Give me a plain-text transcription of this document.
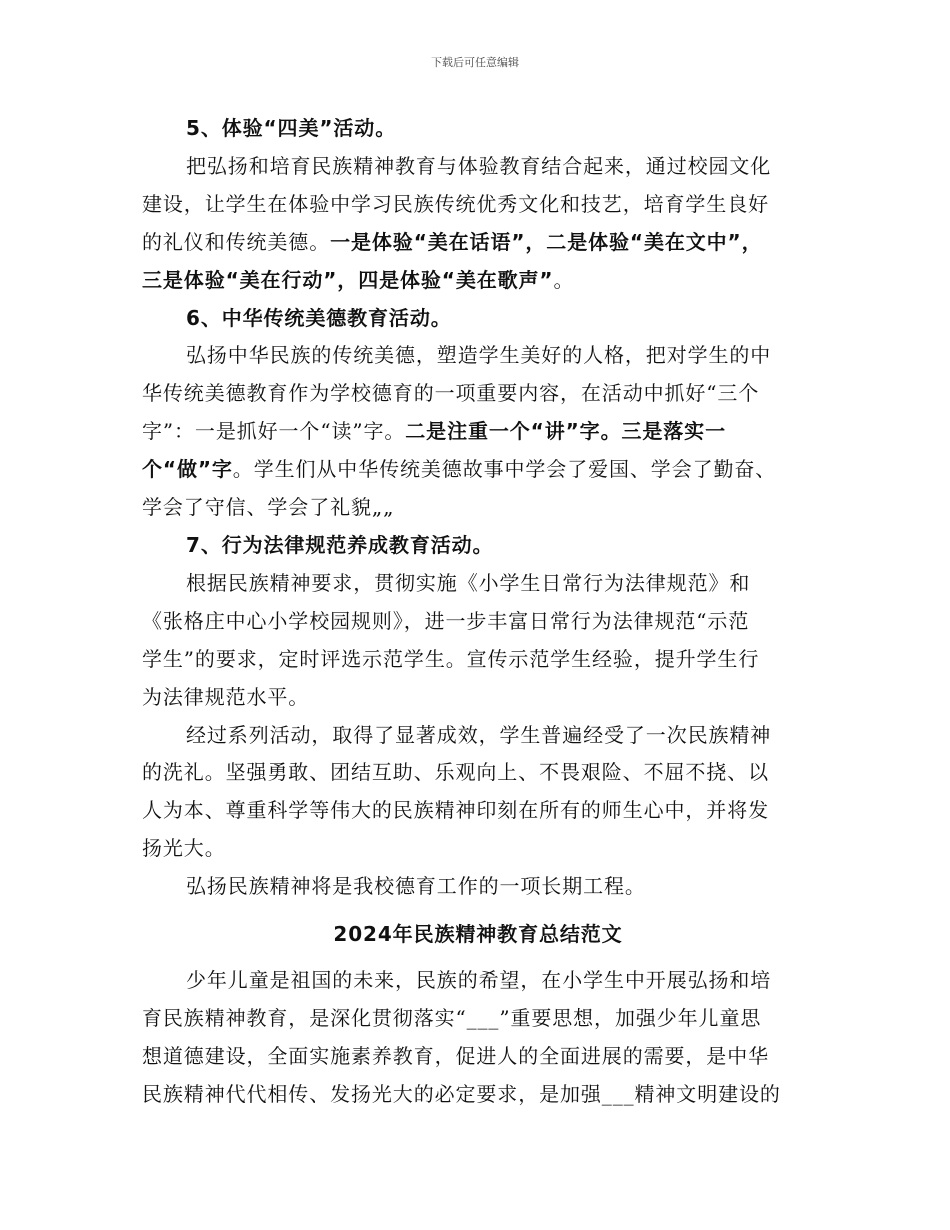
下载后可任意编辑
5、体验“四美”活动。
把弘扬和培育民族精神教育与体验教育结合起来，通过校园文化
建设，让学生在体验中学习民族传统优秀文化和技艺，培育学生良好
的礼仪和传统美德。一是体验“美在话语”，二是体验“美在文中”，
三是体验“美在行动”，四是体验“美在歌声”。
6、中华传统美德教育活动。
弘扬中华民族的传统美德，塑造学生美好的人格，把对学生的中
华传统美德教育作为学校德育的一项重要内容，在活动中抓好“三个
字”：一是抓好一个“读”字。二是注重一个“讲”字。三是落实一
个“做”字。学生们从中华传统美德故事中学会了爱国、学会了勤奋、
学会了守信、学会了礼貌„„
7、行为法律规范养成教育活动。
根据民族精神要求，贯彻实施《小学生日常行为法律规范》和
《张格庄中心小学校园规则》，进一步丰富日常行为法律规范“示范
学生”的要求，定时评选示范学生。宣传示范学生经验，提升学生行
为法律规范水平。
经过系列活动，取得了显著成效，学生普遍经受了一次民族精神
的洗礼。坚强勇敢、团结互助、乐观向上、不畏艰险、不屈不挠、以
人为本、尊重科学等伟大的民族精神印刻在所有的师生心中，并将发
扬光大。
弘扬民族精神将是我校德育工作的一项长期工程。
2024年民族精神教育总结范文
少年儿童是祖国的未来，民族的希望，在小学生中开展弘扬和培
育民族精神教育，是深化贯彻落实“___”重要思想，加强少年儿童思
想道德建设，全面实施素养教育，促进人的全面进展的需要，是中华
民族精神代代相传、发扬光大的必定要求，是加强___精神文明建设的
